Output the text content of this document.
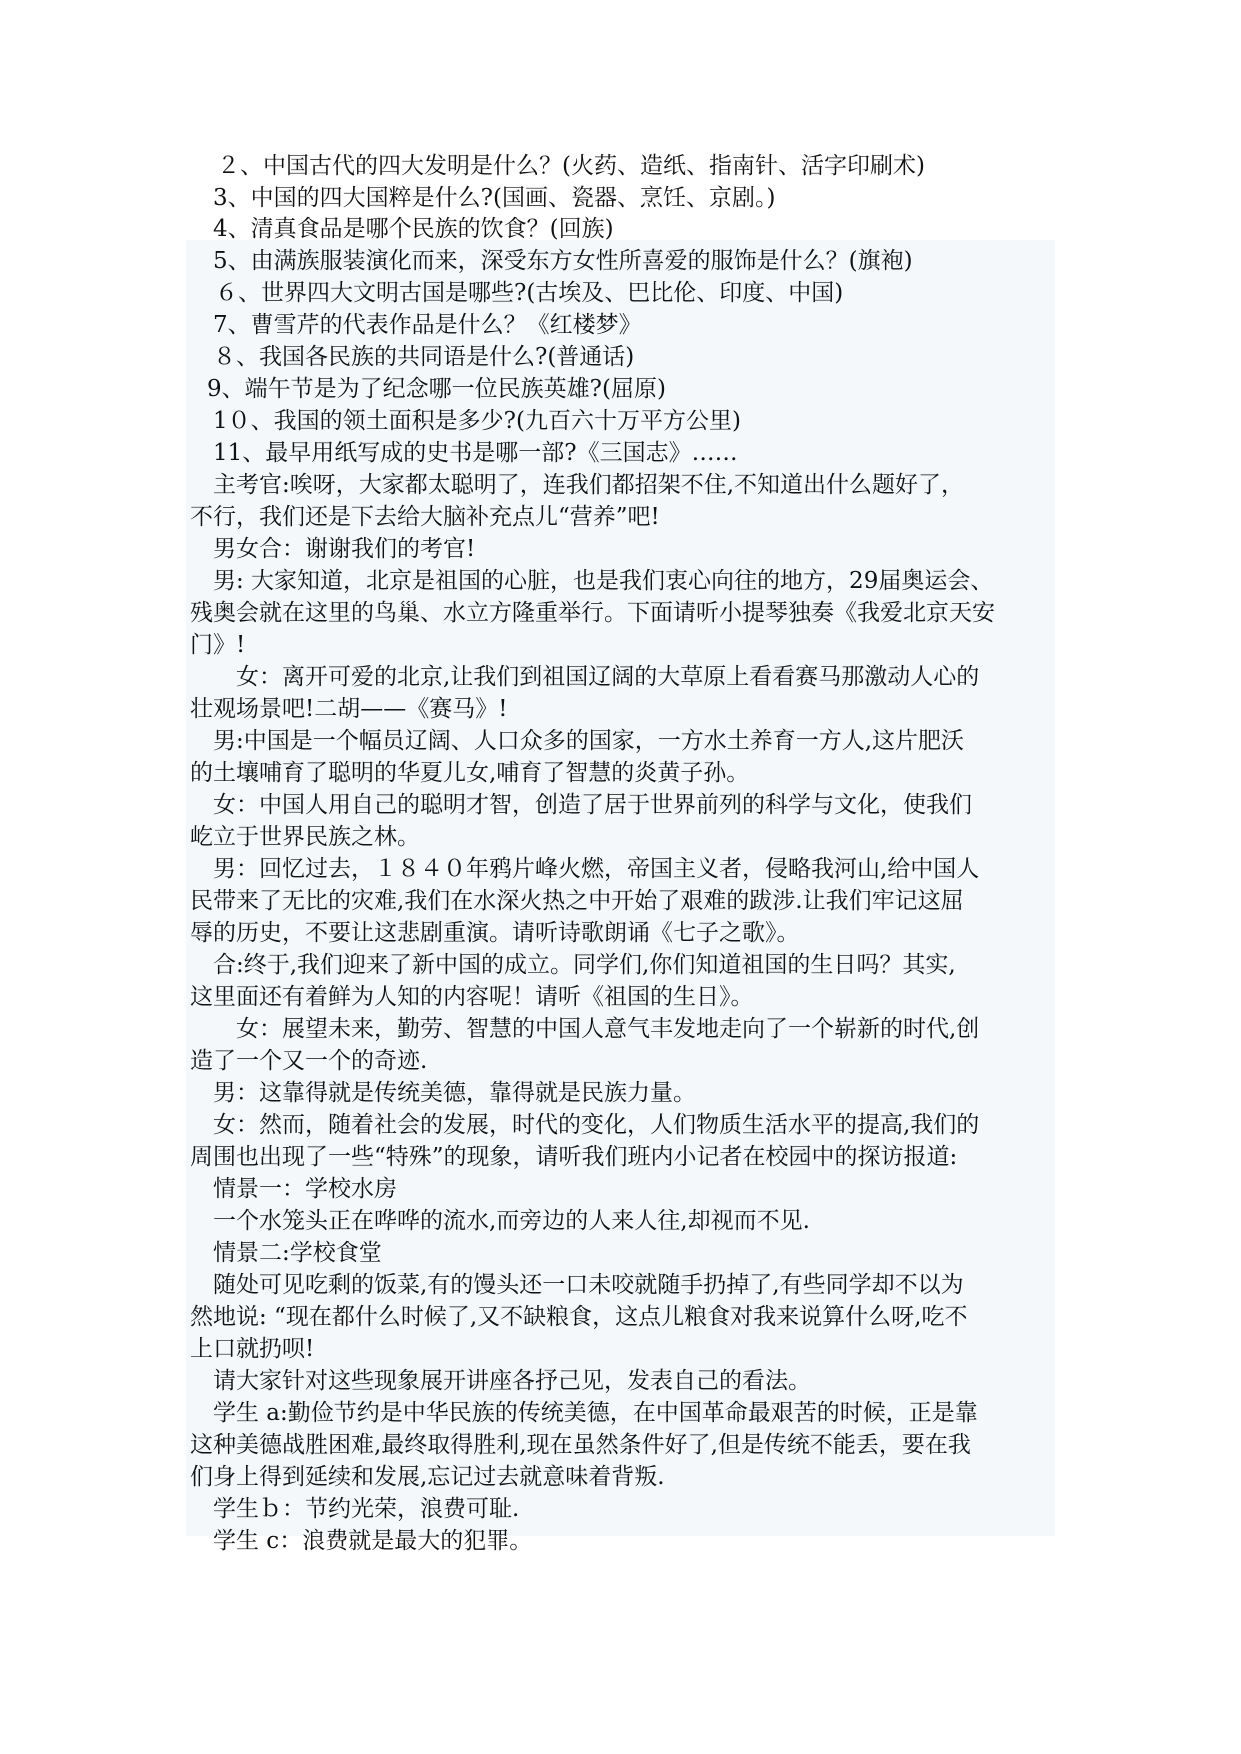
　２、中国古代的四大发明是什么？(火药、造纸、指南针、活字印刷术)
　3、中国的四大国粹是什么?(国画、瓷器、烹饪、京剧。)
　4、清真食品是哪个民族的饮食？(回族)
　5、由满族服装演化而来，深受东方女性所喜爱的服饰是什么？(旗袍)
　６、世界四大文明古国是哪些?(古埃及、巴比伦、印度、中国)
　7、曹雪芹的代表作品是什么？《红楼梦》
　８、我国各民族的共同语是什么?(普通话)
　9、端午节是为了纪念哪一位民族英雄?(屈原)
　1０、我国的领土面积是多少?(九百六十万平方公里)
　11、最早用纸写成的史书是哪一部?《三国志》……
　主考官:唉呀，大家都太聪明了，连我们都招架不住,不知道出什么题好了，
不行，我们还是下去给大脑补充点儿“营养”吧!
　男女合：谢谢我们的考官!
　男: 大家知道，北京是祖国的心脏，也是我们衷心向往的地方，29届奥运会、
残奥会就在这里的鸟巢、水立方隆重举行。下面请听小提琴独奏《我爱北京天安
门》!
　　女：离开可爱的北京,让我们到祖国辽阔的大草原上看看赛马那激动人心的
壮观场景吧!二胡——《赛马》!
　男:中国是一个幅员辽阔、人口众多的国家，一方水土养育一方人,这片肥沃
的土壤哺育了聪明的华夏儿女,哺育了智慧的炎黄子孙。
　女：中国人用自己的聪明才智，创造了居于世界前列的科学与文化，使我们
屹立于世界民族之林。
　男：回忆过去，１８４０年鸦片峰火燃，帝国主义者，侵略我河山,给中国人
民带来了无比的灾难,我们在水深火热之中开始了艰难的跋涉.让我们牢记这屈
辱的历史，不要让这悲剧重演。请听诗歌朗诵《七子之歌》。
　合:终于,我们迎来了新中国的成立。同学们,你们知道祖国的生日吗？其实,
这里面还有着鲜为人知的内容呢！请听《祖国的生日》。
　　女：展望未来，勤劳、智慧的中国人意气丰发地走向了一个崭新的时代,创
造了一个又一个的奇迹.
　男：这靠得就是传统美德，靠得就是民族力量。
　女：然而，随着社会的发展，时代的变化，人们物质生活水平的提高,我们的
周围也出现了一些“特殊”的现象，请听我们班内小记者在校园中的探访报道:
　情景一：学校水房
　一个水笼头正在哗哗的流水,而旁边的人来人往,却视而不见.
　情景二:学校食堂
　随处可见吃剩的饭菜,有的馒头还一口未咬就随手扔掉了,有些同学却不以为
然地说: “现在都什么时候了,又不缺粮食，这点儿粮食对我来说算什么呀,吃不
上口就扔呗!
　请大家针对这些现象展开讲座各抒己见，发表自己的看法。
　学生 a:勤俭节约是中华民族的传统美德，在中国革命最艰苦的时候，正是靠
这种美德战胜困难,最终取得胜利,现在虽然条件好了,但是传统不能丢，要在我
们身上得到延续和发展,忘记过去就意味着背叛.
　学生ｂ：节约光荣，浪费可耻.
　学生 c：浪费就是最大的犯罪。
